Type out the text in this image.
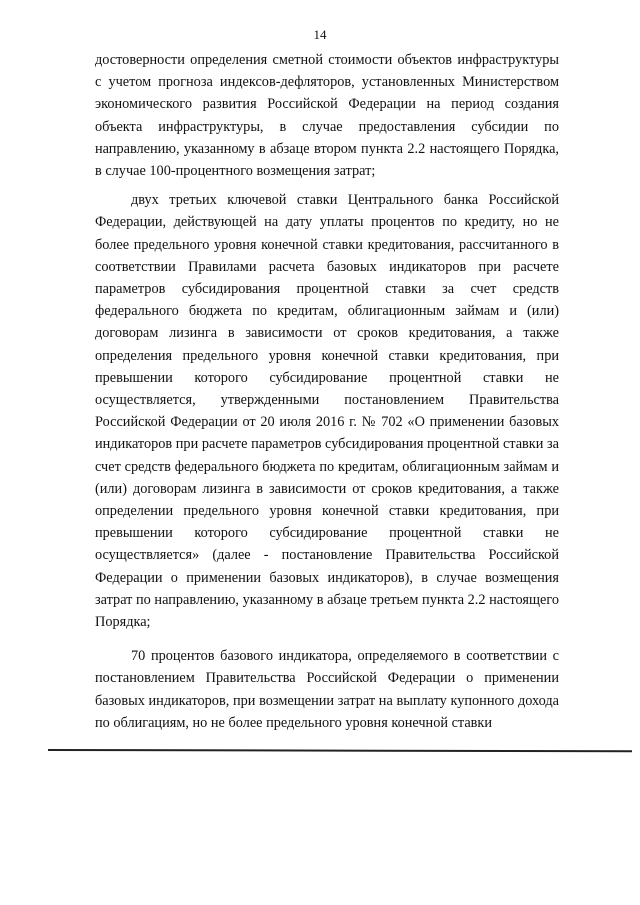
14

достоверности определения сметной стоимости объектов инфраструктуры с учетом прогноза индексов-дефляторов, установленных Министерством экономического развития Российской Федерации на период создания объекта инфраструктуры, в случае предоставления субсидии по направлению, указанному в абзаце втором пункта 2.2 настоящего Порядка, в случае 100-процентного возмещения затрат;

двух третьих ключевой ставки Центрального банка Российской Федерации, действующей на дату уплаты процентов по кредиту, но не более предельного уровня конечной ставки кредитования, рассчитанного в соответствии Правилами расчета базовых индикаторов при расчете параметров субсидирования процентной ставки за счет средств федерального бюджета по кредитам, облигационным займам и (или) договорам лизинга в зависимости от сроков кредитования, а также определения предельного уровня конечной ставки кредитования, при превышении которого субсидирование процентной ставки не осуществляется, утвержденными постановлением Правительства Российской Федерации от 20 июля 2016 г. № 702 «О применении базовых индикаторов при расчете параметров субсидирования процентной ставки за счет средств федерального бюджета по кредитам, облигационным займам и (или) договорам лизинга в зависимости от сроков кредитования, а также определении предельного уровня конечной ставки кредитования, при превышении которого субсидирование процентной ставки не осуществляется» (далее - постановление Правительства Российской Федерации о применении базовых индикаторов), в случае возмещения затрат по направлению, указанному в абзаце третьем пункта 2.2 настоящего Порядка;

70 процентов базового индикатора, определяемого в соответствии с постановлением Правительства Российской Федерации о применении базовых индикаторов, при возмещении затрат на выплату купонного дохода по облигациям, но не более предельного уровня конечной ставки
